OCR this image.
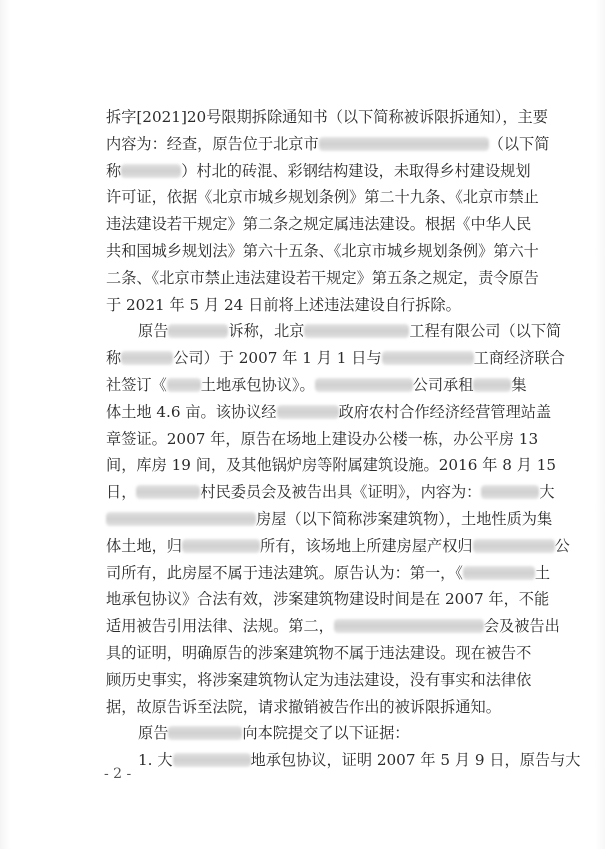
拆字[2021]20号限期拆除通知书（以下简称被诉限拆通知），主要
内容为：经查，原告位于北京市	（以下简
称	）村北的砖混、彩钢结构建设，未取得乡村建设规划
许可证，依据《北京市城乡规划条例》第二十九条、《北京市禁止
违法建设若干规定》第二条之规定属违法建设。根据《中华人民
共和国城乡规划法》第六十五条、《北京市城乡规划条例》第六十
二条、《北京市禁止违法建设若干规定》第五条之规定，责令原告
于 2021 年 5 月 24 日前将上述违法建设自行拆除。
原告	诉称，北京	工程有限公司（以下简
称	公司）于 2007 年 1 月 1 日与	工商经济联合
社签订《 土地承包协议》。	公司承租	集
体土地 4.6 亩。该协议经	政府农村合作经济经营管理站盖
章签证。2007 年，原告在场地上建设办公楼一栋，办公平房 13
间，库房 19 间，及其他锅炉房等附属建筑设施。2016 年 8 月 15
日，	村民委员会及被告出具《证明》，内容为：	大
房屋（以下简称涉案建筑物），土地性质为集
体土地，归	所有，该场地上所建房屋产权归	公
司所有，此房屋不属于违法建筑。原告认为：第一，《	土
地承包协议》合法有效，涉案建筑物建设时间是在 2007 年，不能
适用被告引用法律、法规。第二，	会及被告出
具的证明，明确原告的涉案建筑物不属于违法建设。现在被告不
顾历史事实，将涉案建筑物认定为违法建设，没有事实和法律依
据，故原告诉至法院，请求撤销被告作出的被诉限拆通知。
原告	向本院提交了以下证据：
1. 大	地承包协议，证明 2007 年 5 月 9 日，原告与大
- 2 -
